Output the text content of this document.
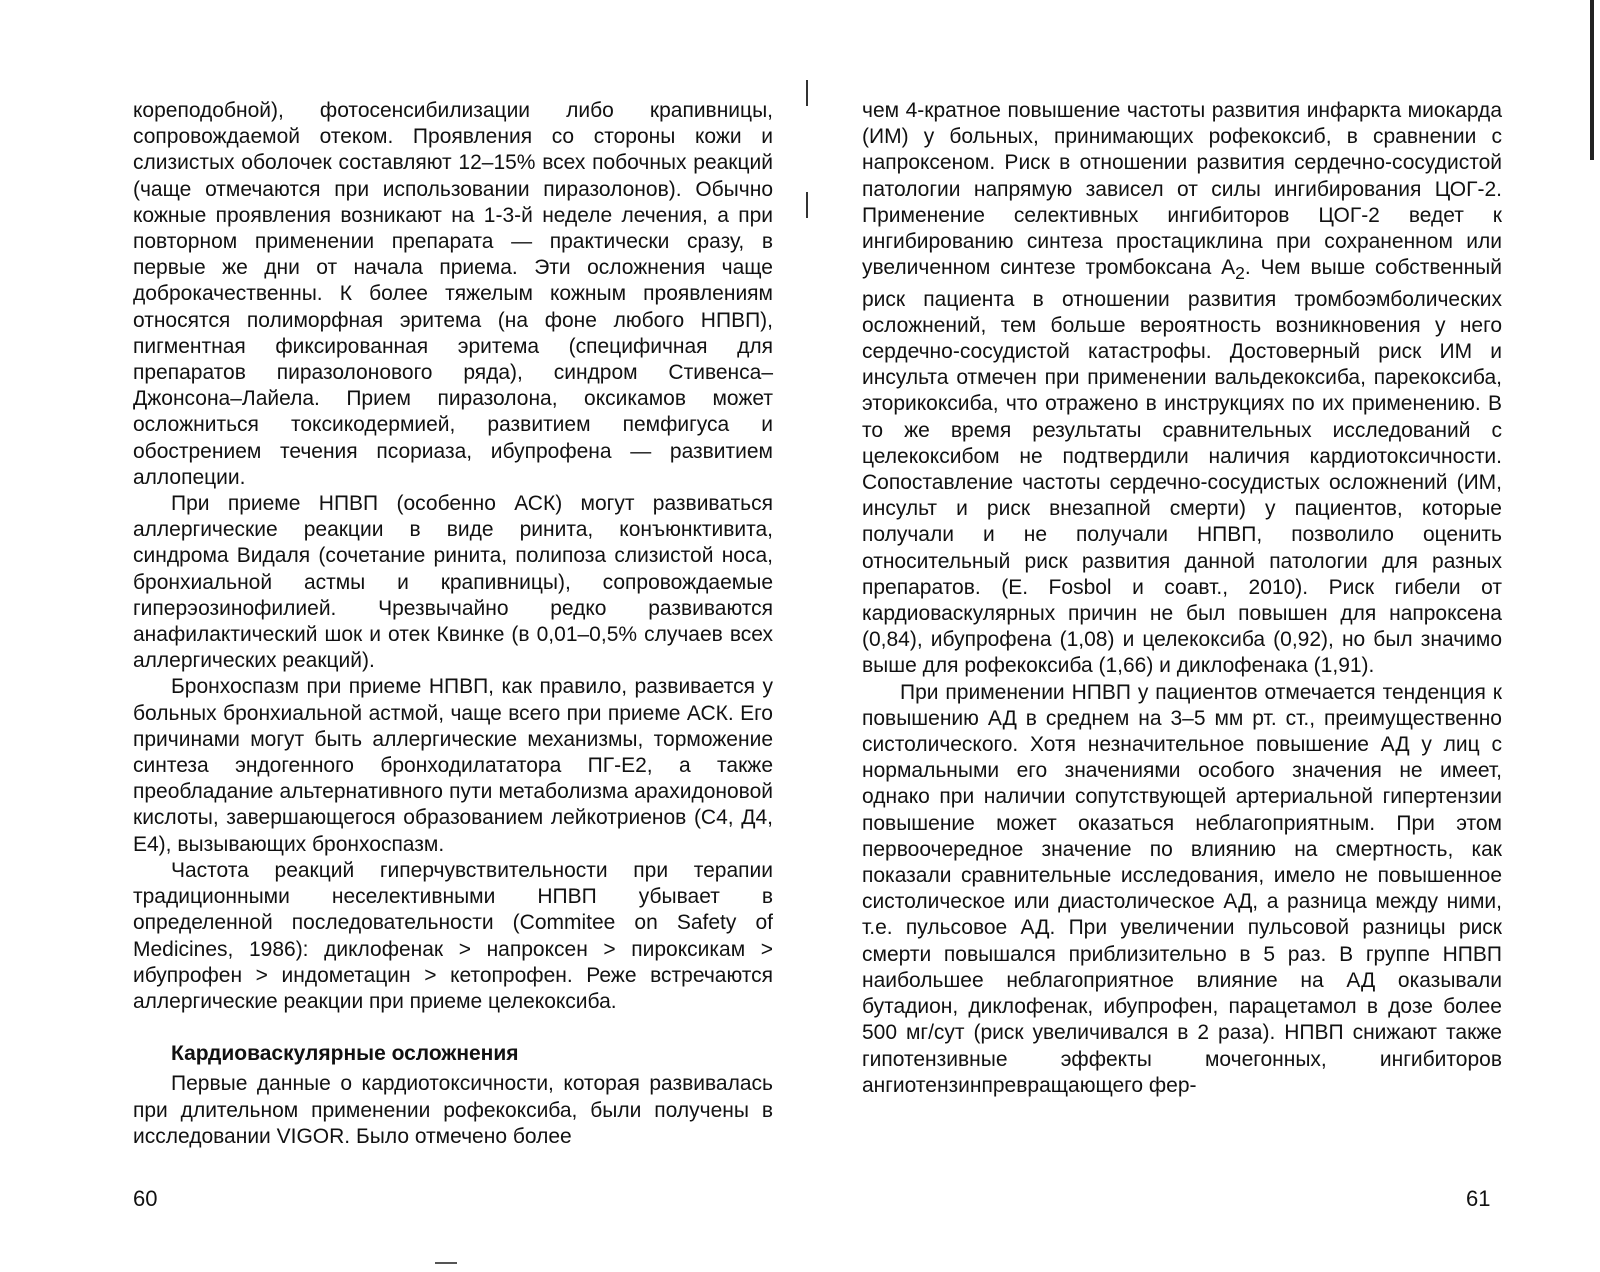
кореподобной), фотосенсибилизации либо крапивницы, сопровождаемой отеком. Проявления со стороны кожи и слизистых оболочек составляют 12–15% всех побочных реакций (чаще отмечаются при использовании пиразолонов). Обычно кожные проявления возникают на 1-3-й неделе лечения, а при повторном применении препарата — практически сразу, в первые же дни от начала приема. Эти осложнения чаще доброкачественны. К более тяжелым кожным проявлениям относятся полиморфная эритема (на фоне любого НПВП), пигментная фиксированная эритема (специфичная для препаратов пиразолонового ряда), синдром Стивенса–Джонсона–Лайела. Прием пиразолона, оксикамов может осложниться токсикодермией, развитием пемфигуса и обострением течения псориаза, ибупрофена — развитием аллопеции.

При приеме НПВП (особенно АСК) могут развиваться аллергические реакции в виде ринита, конъюнктивита, синдрома Видаля (сочетание ринита, полипоза слизистой носа, бронхиальной астмы и крапивницы), сопровождаемые гиперэозинофилией. Чрезвычайно редко развиваются анафилактический шок и отек Квинке (в 0,01–0,5% случаев всех аллергических реакций).

Бронхоспазм при приеме НПВП, как правило, развивается у больных бронхиальной астмой, чаще всего при приеме АСК. Его причинами могут быть аллергические механизмы, торможение синтеза эндогенного бронходилататора ПГ-Е2, а также преобладание альтернативного пути метаболизма арахидоновой кислоты, завершающегося образованием лейкотриенов (С4, Д4, Е4), вызывающих бронхоспазм.

Частота реакций гиперчувствительности при терапии традиционными неселективными НПВП убывает в определенной последовательности (Commitee on Safety of Medicines, 1986): диклофенак > напроксен > пироксикам > ибупрофен > индометацин > кетопрофен. Реже встречаются аллергические реакции при приеме целекоксиба.

Кардиоваскулярные осложнения

Первые данные о кардиотоксичности, которая развивалась при длительном применении рофекоксиба, были получены в исследовании VIGOR. Было отмечено более

60

чем 4-кратное повышение частоты развития инфаркта миокарда (ИМ) у больных, принимающих рофекоксиб, в сравнении с напроксеном. Риск в отношении развития сердечно-сосудистой патологии напрямую зависел от силы ингибирования ЦОГ-2. Применение селективных ингибиторов ЦОГ-2 ведет к ингибированию синтеза простациклина при сохраненном или увеличенном синтезе тромбоксана $А_2$. Чем выше собственный риск пациента в отношении развития тромбоэмболических осложнений, тем больше вероятность возникновения у него сердечно-сосудистой катастрофы. Достоверный риск ИМ и инсульта отмечен при применении вальдекоксиба, парекоксиба, эторикоксиба, что отражено в инструкциях по их применению. В то же время результаты сравнительных исследований с целекоксибом не подтвердили наличия кардиотоксичности. Сопоставление частоты сердечно-сосудистых осложнений (ИМ, инсульт и риск внезапной смерти) у пациентов, которые получали и не получали НПВП, позволило оценить относительный риск развития данной патологии для разных препаратов. (E. Fosbol и соавт., 2010). Риск гибели от кардиоваскулярных причин не был повышен для напроксена (0,84), ибупрофена (1,08) и целекоксиба (0,92), но был значимо выше для рофекоксиба (1,66) и диклофенака (1,91).

При применении НПВП у пациентов отмечается тенденция к повышению АД в среднем на 3–5 мм рт. ст., преимущественно систолического. Хотя незначительное повышение АД у лиц с нормальными его значениями особого значения не имеет, однако при наличии сопутствующей артериальной гипертензии повышение может оказаться неблагоприятным. При этом первоочередное значение по влиянию на смертность, как показали сравнительные исследования, имело не повышенное систолическое или диастолическое АД, а разница между ними, т.е. пульсовое АД. При увеличении пульсовой разницы риск смерти повышался приблизительно в 5 раз. В группе НПВП наибольшее неблагоприятное влияние на АД оказывали бутадион, диклофенак, ибупрофен, парацетамол в дозе более 500 мг/сут (риск увеличивался в 2 раза). НПВП снижают также гипотензивные эффекты мочегонных, ингибиторов ангиотензинпревращающего фер-

61
